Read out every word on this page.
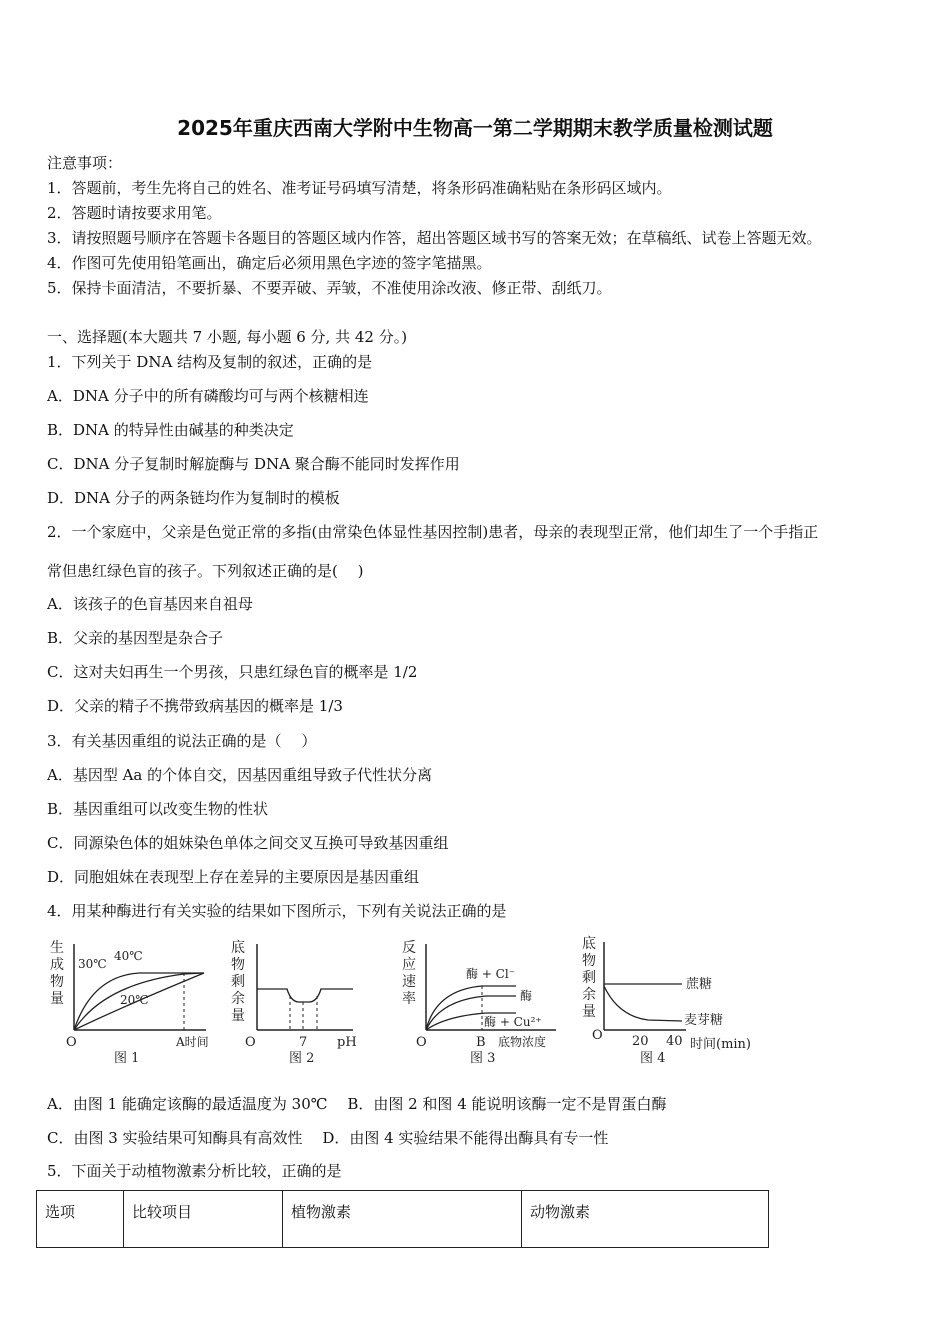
2025年重庆西南大学附中生物高一第二学期期末教学质量检测试题
注意事项：
1．答题前，考生先将自己的姓名、准考证号码填写清楚，将条形码准确粘贴在条形码区域内。
2．答题时请按要求用笔。
3．请按照题号顺序在答题卡各题目的答题区域内作答，超出答题区域书写的答案无效；在草稿纸、试卷上答题无效。
4．作图可先使用铅笔画出，确定后必须用黑色字迹的签字笔描黑。
5．保持卡面清洁，不要折暴、不要弄破、弄皱，不准使用涂改液、修正带、刮纸刀。
一、选择题(本大题共 7 小题, 每小题 6 分, 共 42 分。)
1．下列关于 DNA 结构及复制的叙述，正确的是
A．DNA 分子中的所有磷酸均可与两个核糖相连
B．DNA 的特异性由碱基的种类决定
C．DNA 分子复制时解旋酶与 DNA 聚合酶不能同时发挥作用
D．DNA 分子的两条链均作为复制时的模板
2．一个家庭中，父亲是色觉正常的多指(由常染色体显性基因控制)患者，母亲的表现型正常，他们却生了一个手指正
常但患红绿色盲的孩子。下列叙述正确的是(　 )
A．该孩子的色盲基因来自祖母
B．父亲的基因型是杂合子
C．这对夫妇再生一个男孩，只患红绿色盲的概率是 1/2
D．父亲的精子不携带致病基因的概率是 1/3
3．有关基因重组的说法正确的是（　 ）
A．基因型 Aa 的个体自交，因基因重组导致子代性状分离
B．基因重组可以改变生物的性状
C．同源染色体的姐妹染色单体之间交叉互换可导致基因重组
D．同胞姐妹在表现型上存在差异的主要原因是基因重组
4．用某种酶进行有关实验的结果如下图所示，下列有关说法正确的是
生
成
物
量
30℃
40℃
20℃
O	A时间
图 1
底
物
剩
余
量
O	7 pH
图 2
反
应
速
率
酶 + Cl⁻
酶
酶 + Cu²⁺
O	B 底物浓度
图 3
底
物
剩
余
量
蔗糖
麦芽糖
O 20 40 时间(min)
图 4
A．由图 1 能确定该酶的最适温度为 30℃　 B．由图 2 和图 4 能说明该酶一定不是胃蛋白酶
C．由图 3 实验结果可知酶具有高效性　 D．由图 4 实验结果不能得出酶具有专一性
5．下面关于动植物激素分析比较，正确的是
选项	比较项目	植物激素	动物激素
